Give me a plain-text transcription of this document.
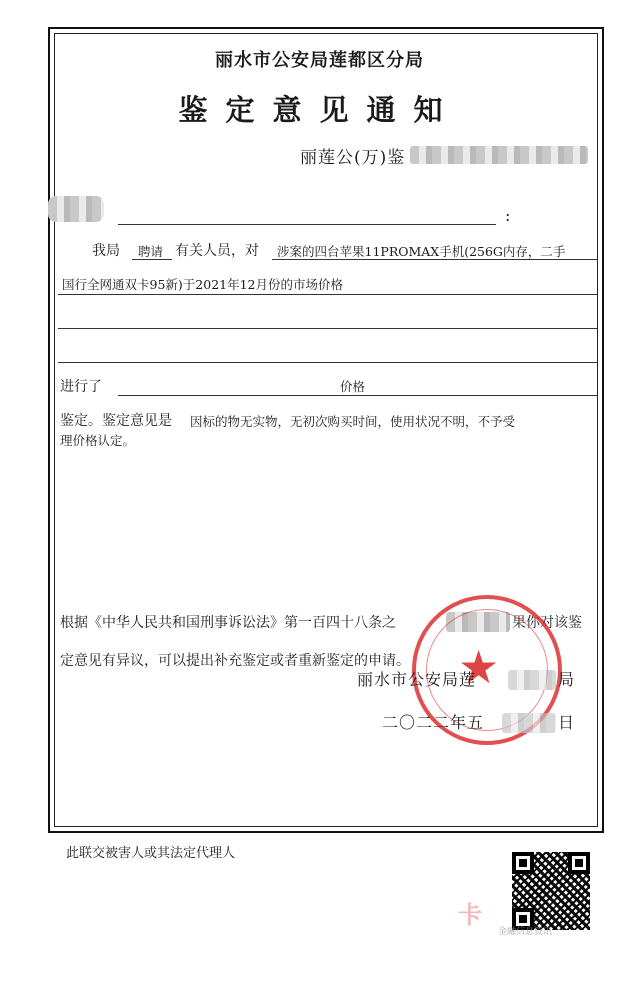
丽水市公安局莲都区分局
鉴定意见通知
丽莲公(万)鉴
:
我局 聘请 有关人员，对 涉案的四台苹果11PROMAX手机(256G内存，二手
国行全网通双卡95新)于2021年12月份的市场价格
进行了	价格
鉴定。鉴定意见是 因标的物无实物，无初次购买时间，使用状况不明，不予受
理价格认定。
根据《中华人民共和国刑事诉讼法》第一百四十八条之	果你对该鉴
定意见有异议，可以提出补充鉴定或者重新鉴定的申请。 ★
丽水市公安局莲	局
二〇二二年五	日
此联交被害人或其法定代理人
卡
金融信息资讯
